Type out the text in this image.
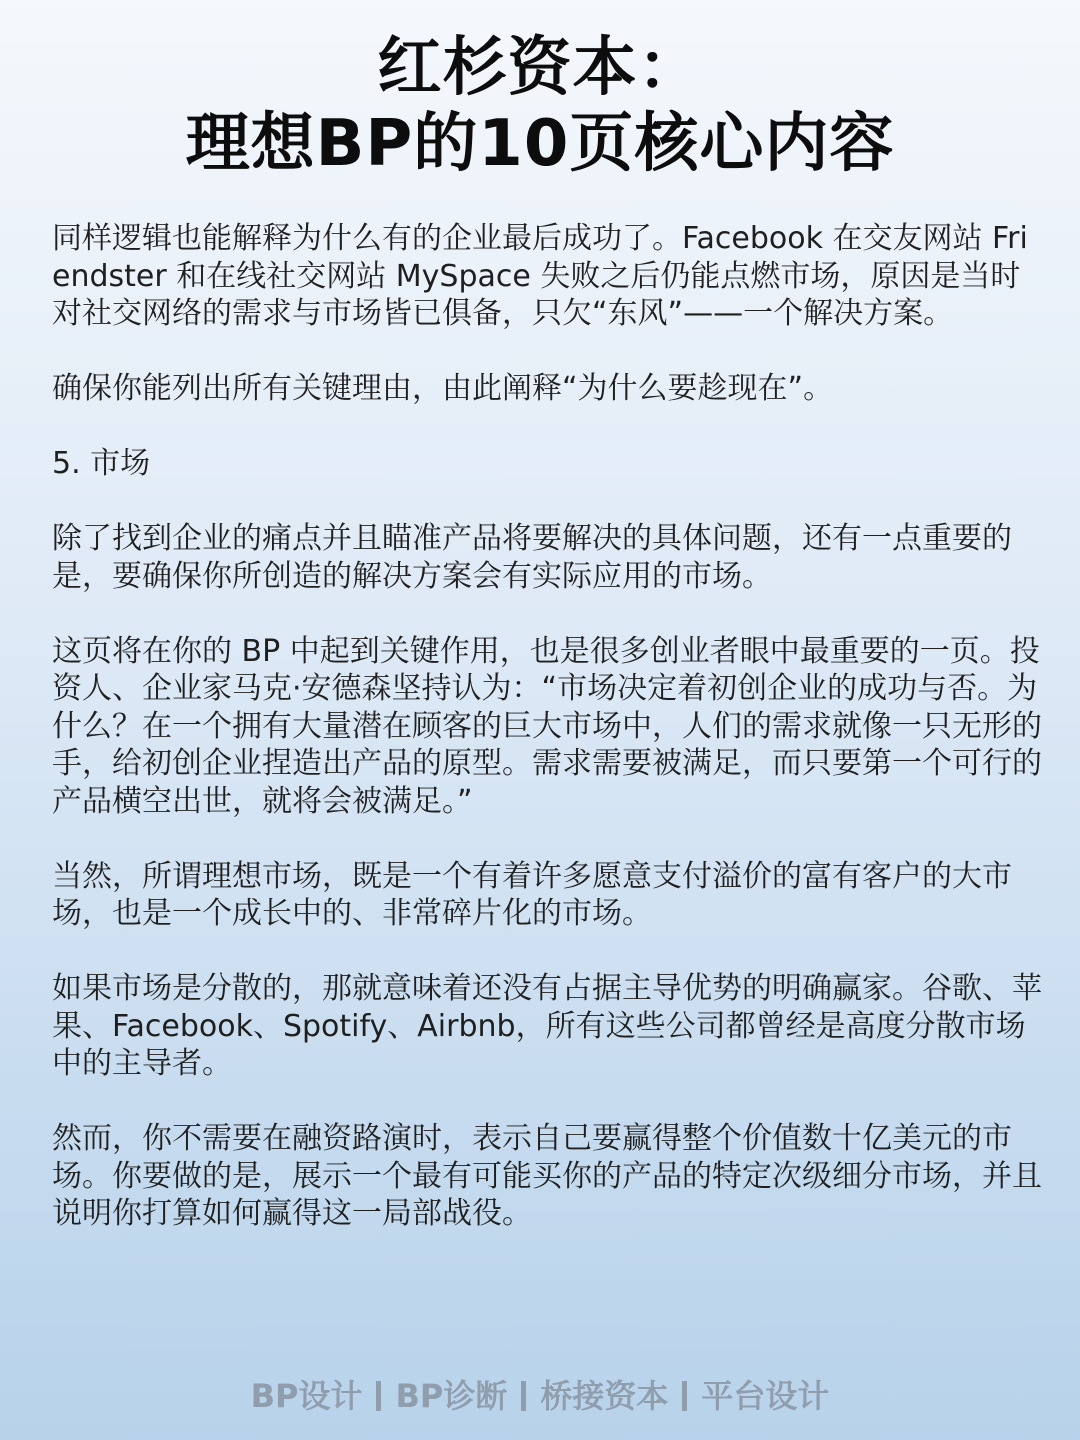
红杉资本：
理想BP的10页核心内容

同样逻辑也能解释为什么有的企业最后成功了。Facebook 在交友网站 Friendster 和在线社交网站 MySpace 失败之后仍能点燃市场，原因是当时对社交网络的需求与市场皆已俱备，只欠“东风”——一个解决方案。

确保你能列出所有关键理由，由此阐释“为什么要趁现在”。

5. 市场

除了找到企业的痛点并且瞄准产品将要解决的具体问题，还有一点重要的是，要确保你所创造的解决方案会有实际应用的市场。

这页将在你的 BP 中起到关键作用，也是很多创业者眼中最重要的一页。投资人、企业家马克·安德森坚持认为：“市场决定着初创企业的成功与否。为什么？在一个拥有大量潜在顾客的巨大市场中，人们的需求就像一只无形的手，给初创企业捏造出产品的原型。需求需要被满足，而只要第一个可行的产品横空出世，就将会被满足。”

当然，所谓理想市场，既是一个有着许多愿意支付溢价的富有客户的大市场，也是一个成长中的、非常碎片化的市场。

如果市场是分散的，那就意味着还没有占据主导优势的明确赢家。谷歌、苹果、Facebook、Spotify、Airbnb，所有这些公司都曾经是高度分散市场中的主导者。

然而，你不需要在融资路演时，表示自己要赢得整个价值数十亿美元的市场。你要做的是，展示一个最有可能买你的产品的特定次级细分市场，并且说明你打算如何赢得这一局部战役。

BP设计 BP诊断 桥接资本 平台设计
